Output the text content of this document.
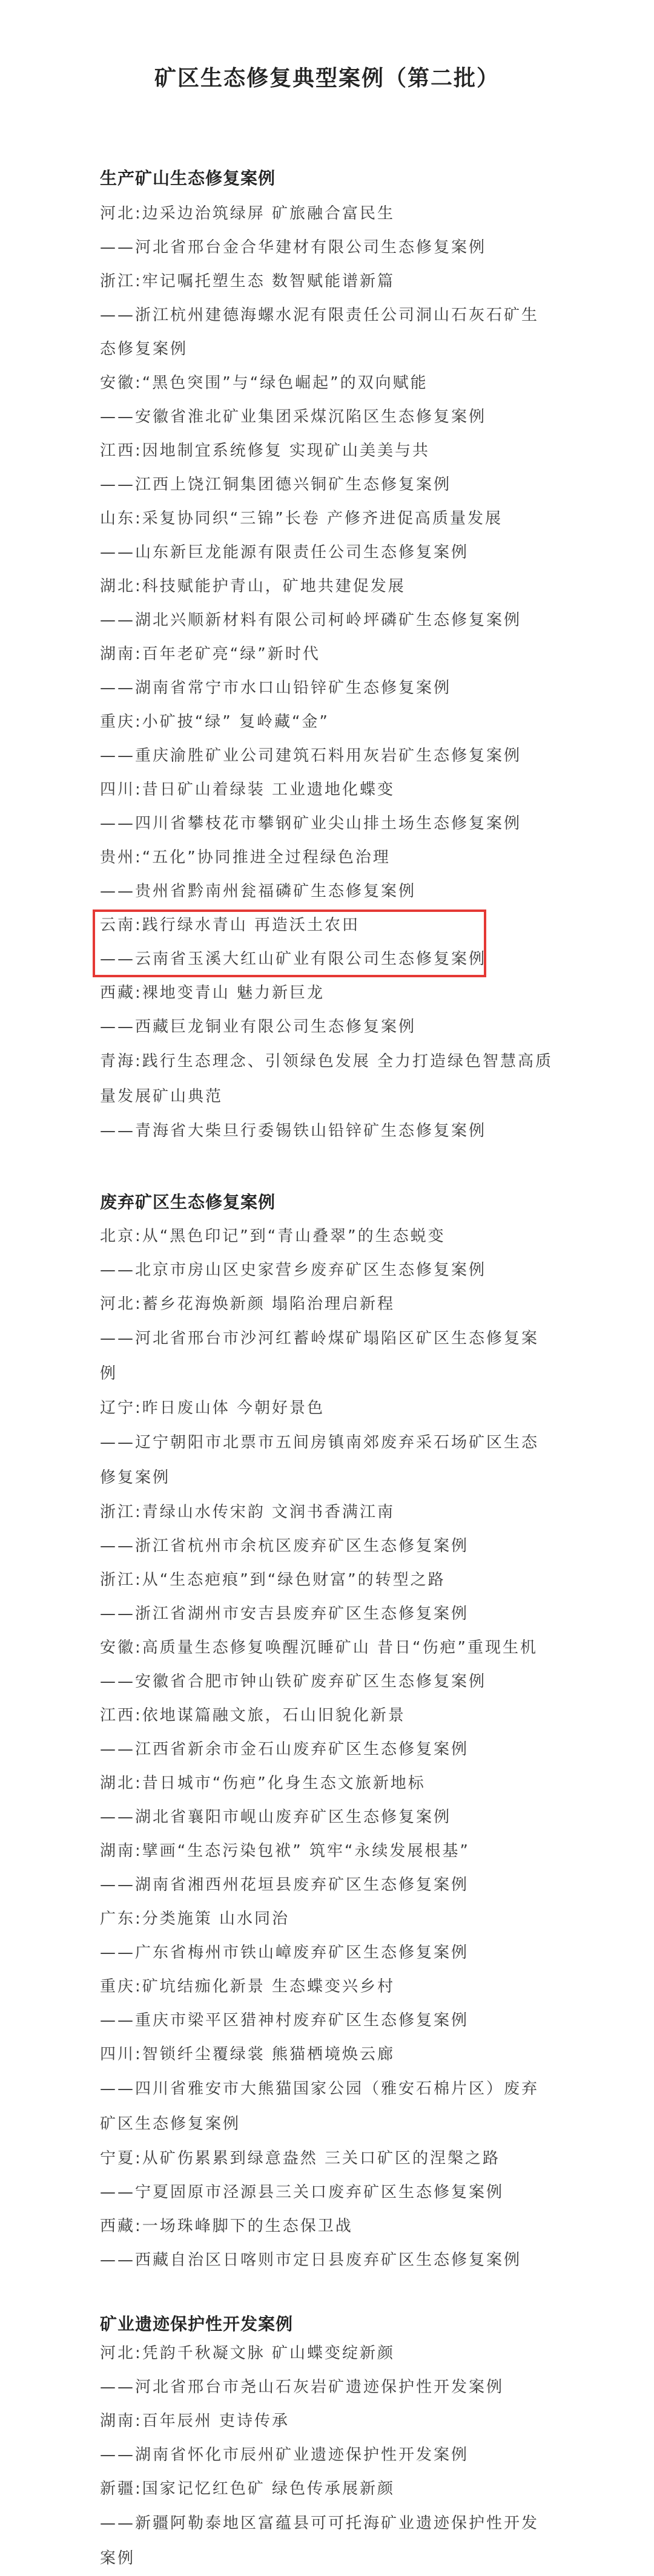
矿区生态修复典型案例（第二批）
生产矿山生态修复案例

河北:边采边治筑绿屏 矿旅融合富民生

——河北省邢台金合华建材有限公司生态修复案例

浙江:牢记嘱托塑生态 数智赋能谱新篇

——浙江杭州建德海螺水泥有限责任公司洞山石灰石矿生态修复案例

安徽:“黑色突围”与“绿色崛起”的双向赋能

——安徽省淮北矿业集团采煤沉陷区生态修复案例

江西:因地制宜系统修复 实现矿山美美与共

——江西上饶江铜集团德兴铜矿生态修复案例

山东:采复协同织“三锦”长卷 产修齐进促高质量发展

——山东新巨龙能源有限责任公司生态修复案例

湖北:科技赋能护青山，矿地共建促发展

——湖北兴顺新材料有限公司柯岭坪磷矿生态修复案例

湖南:百年老矿亮“绿”新时代

——湖南省常宁市水口山铅锌矿生态修复案例

重庆:小矿披“绿” 复岭藏“金”

——重庆渝胜矿业公司建筑石料用灰岩矿生态修复案例

四川:昔日矿山着绿装 工业遗地化蝶变

——四川省攀枝花市攀钢矿业尖山排土场生态修复案例

贵州:“五化”协同推进全过程绿色治理

——贵州省黔南州瓮福磷矿生态修复案例

云南:践行绿水青山 再造沃土农田

——云南省玉溪大红山矿业有限公司生态修复案例

西藏:裸地变青山 魅力新巨龙

——西藏巨龙铜业有限公司生态修复案例

青海:践行生态理念、引领绿色发展 全力打造绿色智慧高质量发展矿山典范

——青海省大柴旦行委锡铁山铅锌矿生态修复案例

废弃矿区生态修复案例

北京:从“黑色印记”到“青山叠翠”的生态蜕变

——北京市房山区史家营乡废弃矿区生态修复案例

河北:蓄乡花海焕新颜 塌陷治理启新程

——河北省邢台市沙河红蓄岭煤矿塌陷区矿区生态修复案例

辽宁:昨日废山体 今朝好景色

——辽宁朝阳市北票市五间房镇南郊废弃采石场矿区生态修复案例

浙江:青绿山水传宋韵 文润书香满江南

——浙江省杭州市余杭区废弃矿区生态修复案例

浙江:从“生态疤痕”到“绿色财富”的转型之路

——浙江省湖州市安吉县废弃矿区生态修复案例

安徽:高质量生态修复唤醒沉睡矿山 昔日“伤疤”重现生机

——安徽省合肥市钟山铁矿废弃矿区生态修复案例

江西:依地谋篇融文旅，石山旧貌化新景

——江西省新余市金石山废弃矿区生态修复案例

湖北:昔日城市“伤疤”化身生态文旅新地标

——湖北省襄阳市岘山废弃矿区生态修复案例

湖南:擘画“生态污染包袱” 筑牢“永续发展根基”

——湖南省湘西州花垣县废弃矿区生态修复案例

广东:分类施策 山水同治

——广东省梅州市铁山嶂废弃矿区生态修复案例

重庆:矿坑结痂化新景 生态蝶变兴乡村

——重庆市梁平区猎神村废弃矿区生态修复案例

四川:智锁纤尘覆绿裳 熊猫栖境焕云廊

——四川省雅安市大熊猫国家公园（雅安石棉片区）废弃矿区生态修复案例

宁夏:从矿伤累累到绿意盎然 三关口矿区的涅槃之路

——宁夏固原市泾源县三关口废弃矿区生态修复案例

西藏:一场珠峰脚下的生态保卫战

——西藏自治区日喀则市定日县废弃矿区生态修复案例

矿业遗迹保护性开发案例

河北:凭韵千秋凝文脉 矿山蝶变绽新颜

——河北省邢台市尧山石灰岩矿遗迹保护性开发案例

湖南:百年辰州 吏诗传承

——湖南省怀化市辰州矿业遗迹保护性开发案例

新疆:国家记忆红色矿 绿色传承展新颜

——新疆阿勒泰地区富蕴县可可托海矿业遗迹保护性开发案例
